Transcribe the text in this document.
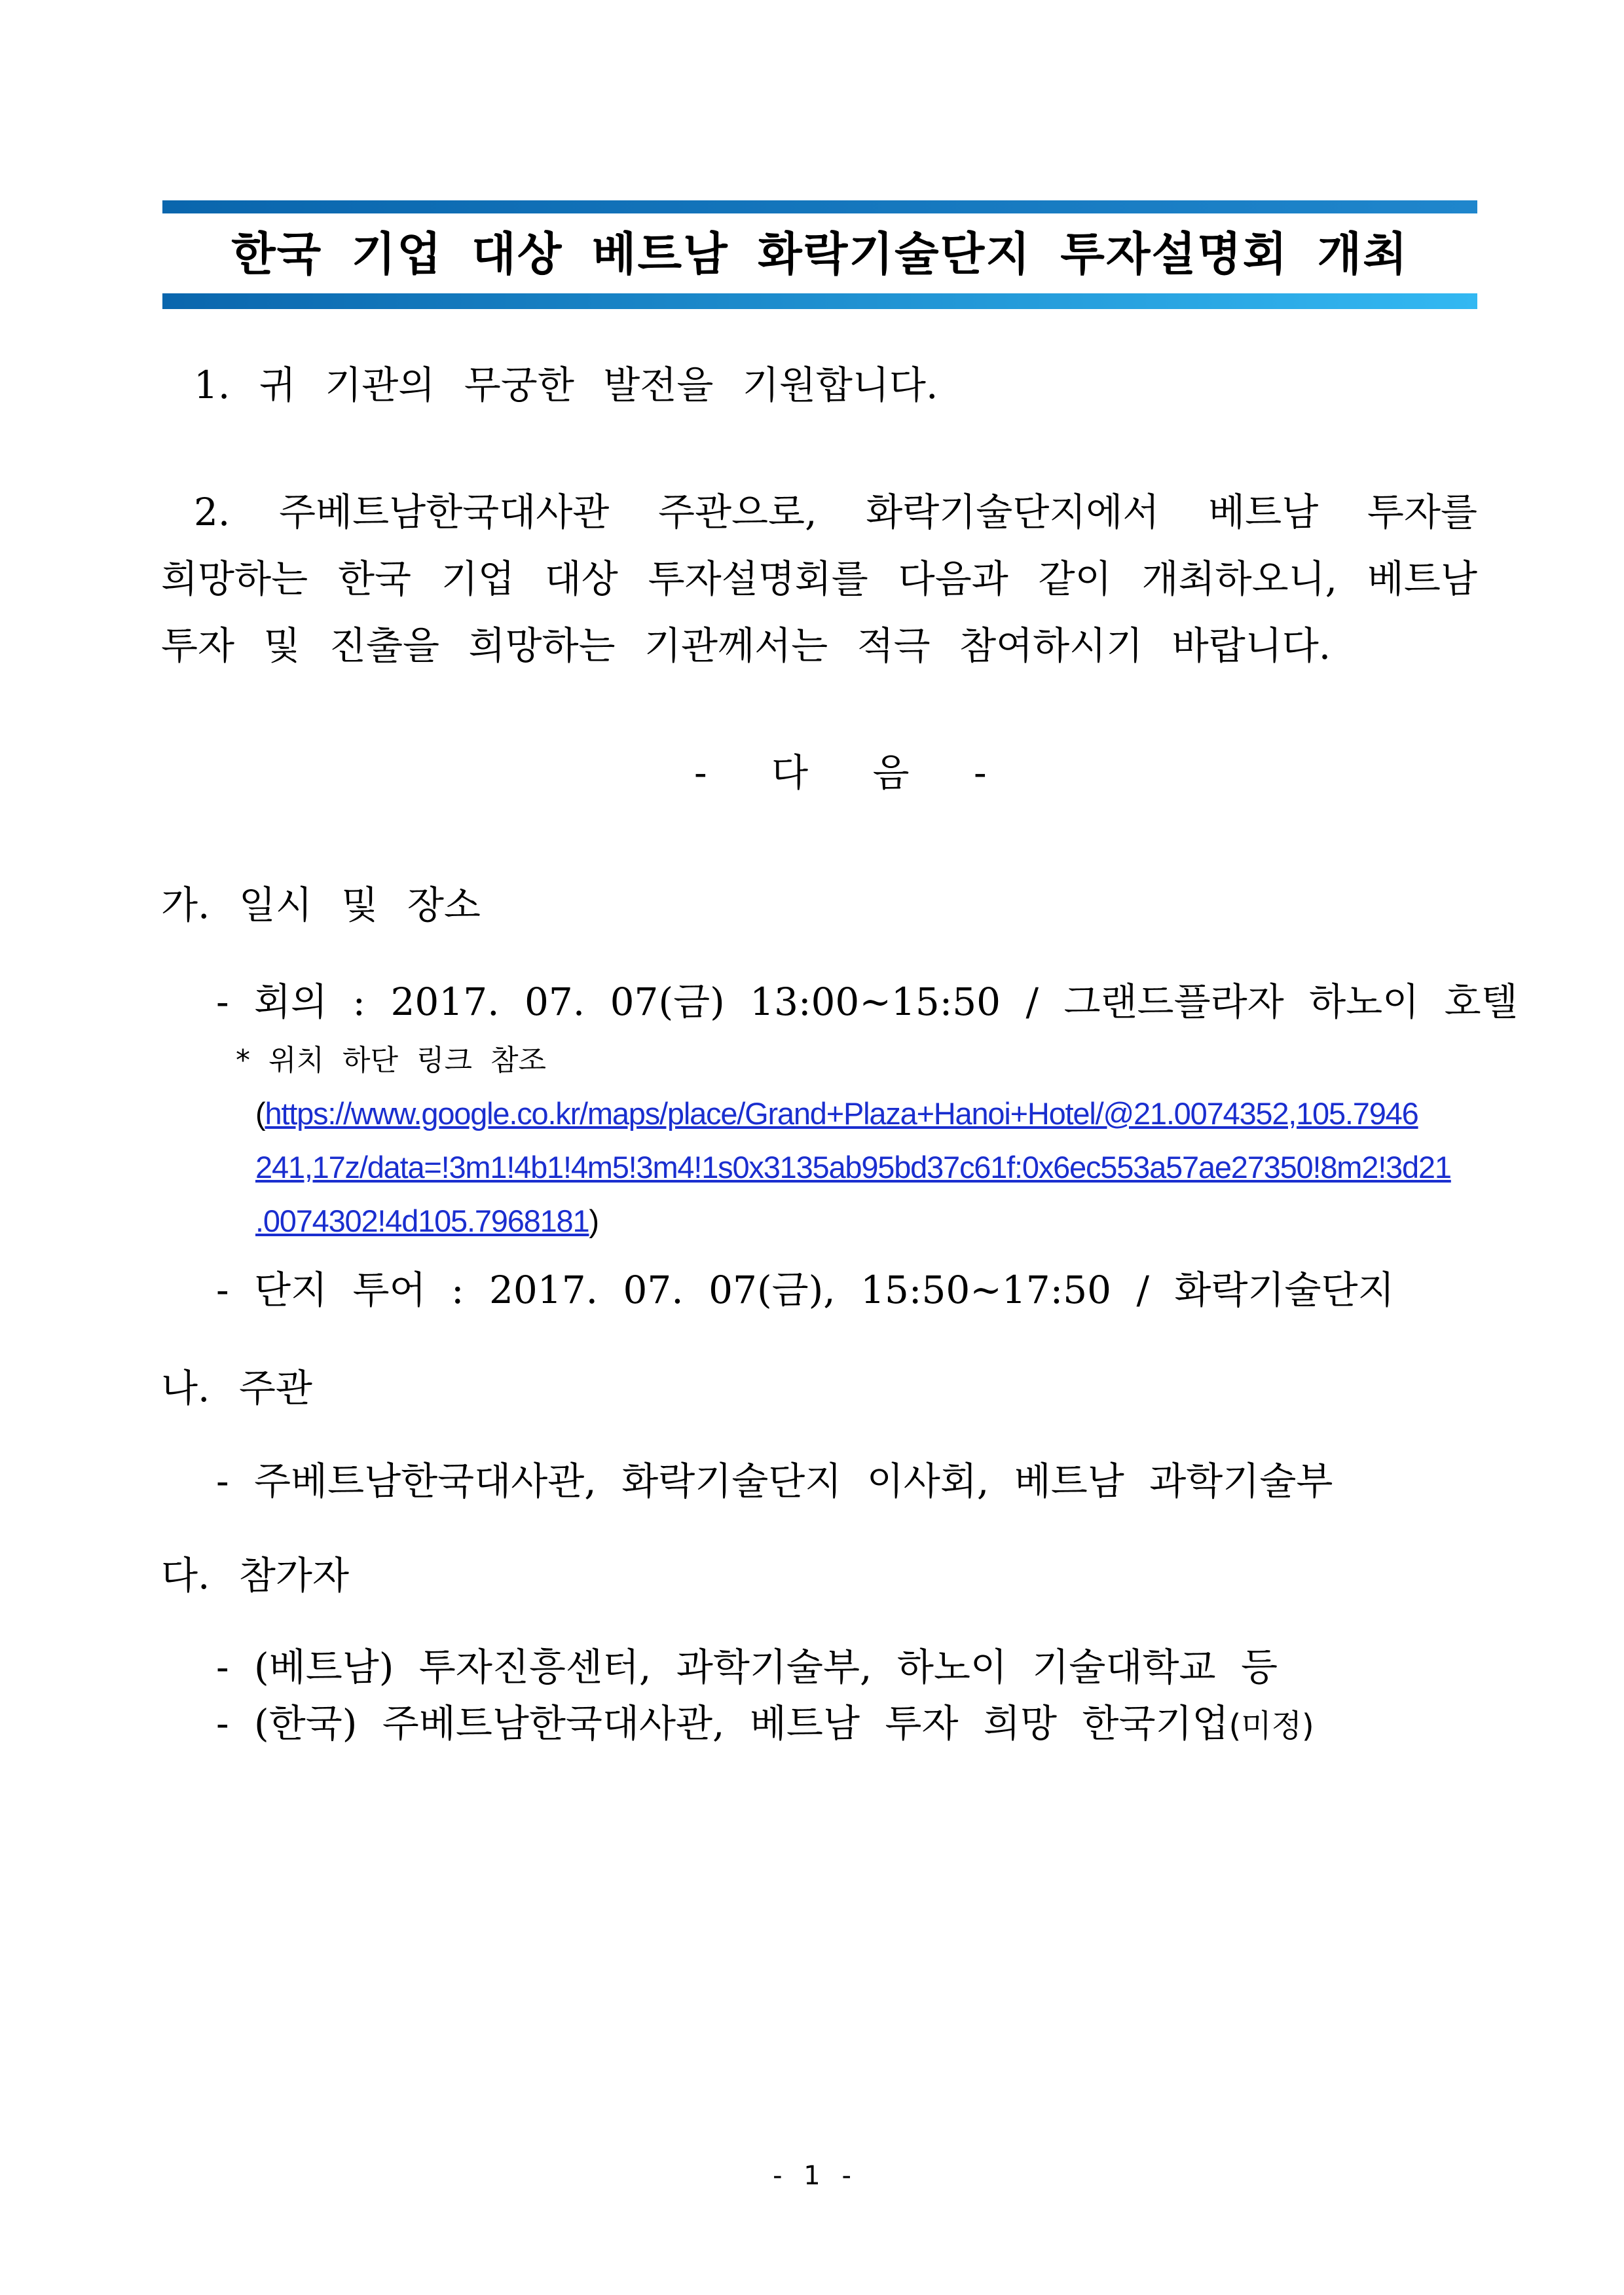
한국 기업 대상 베트남 화락기술단지 투자설명회 개최
1. 귀 기관의 무궁한 발전을 기원합니다.
2. 주베트남한국대사관 주관으로, 화락기술단지에서 베트남 투자를
희망하는 한국 기업 대상 투자설명회를 다음과 같이 개최하오니, 베트남
투자 및 진출을 희망하는 기관께서는 적극 참여하시기 바랍니다.
- 다 음 -
가. 일시 및 장소
- 회의 : 2017. 07. 07(금) 13:00~15:50 / 그랜드플라자 하노이 호텔
* 위치 하단 링크 참조
(https://www.google.co.kr/maps/place/Grand+Plaza+Hanoi+Hotel/@21.0074352,105.7946
241,17z/data=!3m1!4b1!4m5!3m4!1s0x3135ab95bd37c61f:0x6ec553a57ae27350!8m2!3d21
.0074302!4d105.7968181)
- 단지 투어 : 2017. 07. 07(금), 15:50~17:50 / 화락기술단지
나. 주관
- 주베트남한국대사관, 화락기술단지 이사회, 베트남 과학기술부
다. 참가자
- (베트남) 투자진흥센터, 과학기술부, 하노이 기술대학교 등
- (한국) 주베트남한국대사관, 베트남 투자 희망 한국기업(미정)
- 1 -
